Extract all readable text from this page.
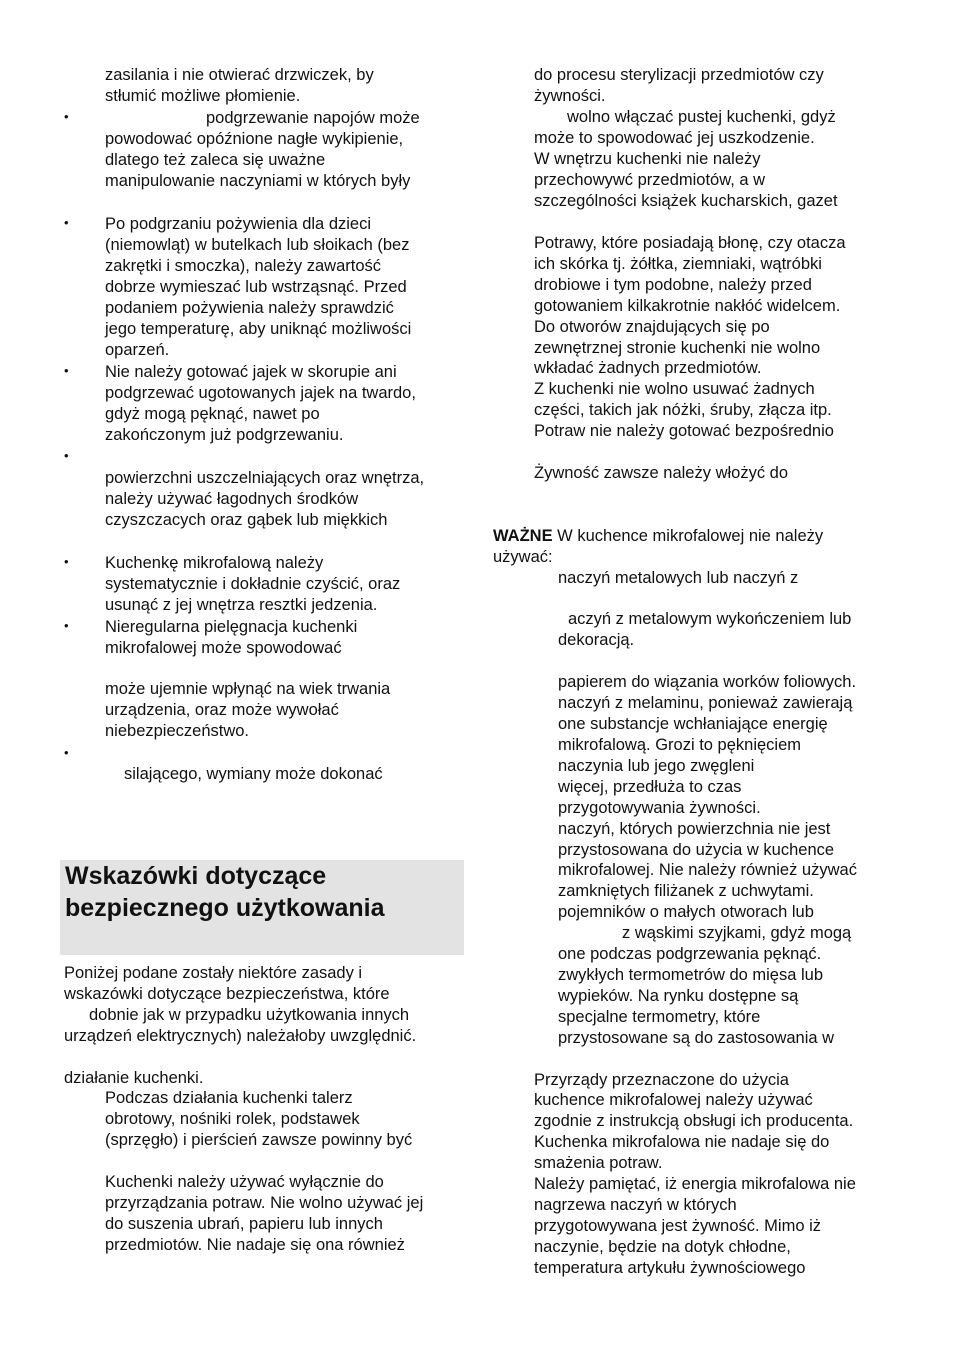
zasilania i nie otwierać drzwiczek, by
stłumić możliwe płomienie.
•	podgrzewanie napojów może
powodować opóźnione nagłe wykipienie,
dlatego też zaleca się uważne
manipulowanie naczyniami w których były
• Po podgrzaniu pożywienia dla dzieci
(niemowląt) w butelkach lub słoikach (bez
zakrętki i smoczka), należy zawartość
dobrze wymieszać lub wstrząsnąć. Przed
podaniem pożywienia należy sprawdzić
jego temperaturę, aby uniknąć możliwości
oparzeń.
• Nie należy gotować jajek w skorupie ani
podgrzewać ugotowanych jajek na twardo,
gdyż mogą pęknąć, nawet po
zakończonym już podgrzewaniu.
•
powierzchni uszczelniających oraz wnętrza,
należy używać łagodnych środków
czyszczacych oraz gąbek lub miękkich
• Kuchenkę mikrofalową należy
systematycznie i dokładnie czyścić, oraz
usunąć z jej wnętrza resztki jedzenia.
• Nieregularna pielęgnacja kuchenki
mikrofalowej może spowodować
może ujemnie wpłynąć na wiek trwania
urządzenia, oraz może wywołać
niebezpieczeństwo.
•
silającego, wymiany może dokonać
Wskazówki dotyczące
bezpiecznego użytkowania
Poniżej podane zostały niektóre zasady i
wskazówki dotyczące bezpieczeństwa, które
dobnie jak w przypadku użytkowania innych
urządzeń elektrycznych) należałoby uwzględnić.
działanie kuchenki.
Podczas działania kuchenki talerz
obrotowy, nośniki rolek, podstawek
(sprzęgło) i pierścień zawsze powinny być
Kuchenki należy używać wyłącznie do
przyrządzania potraw. Nie wolno używać jej
do suszenia ubrań, papieru lub innych
przedmiotów. Nie nadaje się ona również
do procesu sterylizacji przedmiotów czy
żywności.
wolno włączać pustej kuchenki, gdyż
może to spowodować jej uszkodzenie.
W wnętrzu kuchenki nie należy
przechowywć przedmiotów, a w
szczególności książek kucharskich, gazet
Potrawy, które posiadają błonę, czy otacza
ich skórka tj. żółtka, ziemniaki, wątróbki
drobiowe i tym podobne, należy przed
gotowaniem kilkakrotnie nakłóć widelcem.
Do otworów znajdujących się po
zewnętrznej stronie kuchenki nie wolno
wkładać żadnych przedmiotów.
Z kuchenki nie wolno usuwać żadnych
części, takich jak nóżki, śruby, złącza itp.
Potraw nie należy gotować bezpośrednio
Żywność zawsze należy włożyć do
WAŻNE W kuchence mikrofalowej nie należy
używać:
naczyń metalowych lub naczyń z
aczyń z metalowym wykończeniem lub
dekoracją.
papierem do wiązania worków foliowych.
naczyń z melaminu, ponieważ zawierają
one substancje wchłaniające energię
mikrofalową. Grozi to pęknięciem
naczynia lub jego zwęgleni
więcej, przedłuża to czas
przygotowywania żywności.
naczyń, których powierzchnia nie jest
przystosowana do użycia w kuchence
mikrofalowej. Nie należy również używać
zamkniętych filiżanek z uchwytami.
pojemników o małych otworach lub
z wąskimi szyjkami, gdyż mogą
one podczas podgrzewania pęknąć.
zwykłych termometrów do mięsa lub
wypieków. Na rynku dostępne są
specjalne termometry, które
przystosowane są do zastosowania w
Przyrządy przeznaczone do użycia
kuchence mikrofalowej należy używać
zgodnie z instrukcją obsługi ich producenta.
Kuchenka mikrofalowa nie nadaje się do
smażenia potraw.
Należy pamiętać, iż energia mikrofalowa nie
nagrzewa naczyń w których
przygotowywana jest żywność. Mimo iż
naczynie, będzie na dotyk chłodne,
temperatura artykułu żywnościowego
